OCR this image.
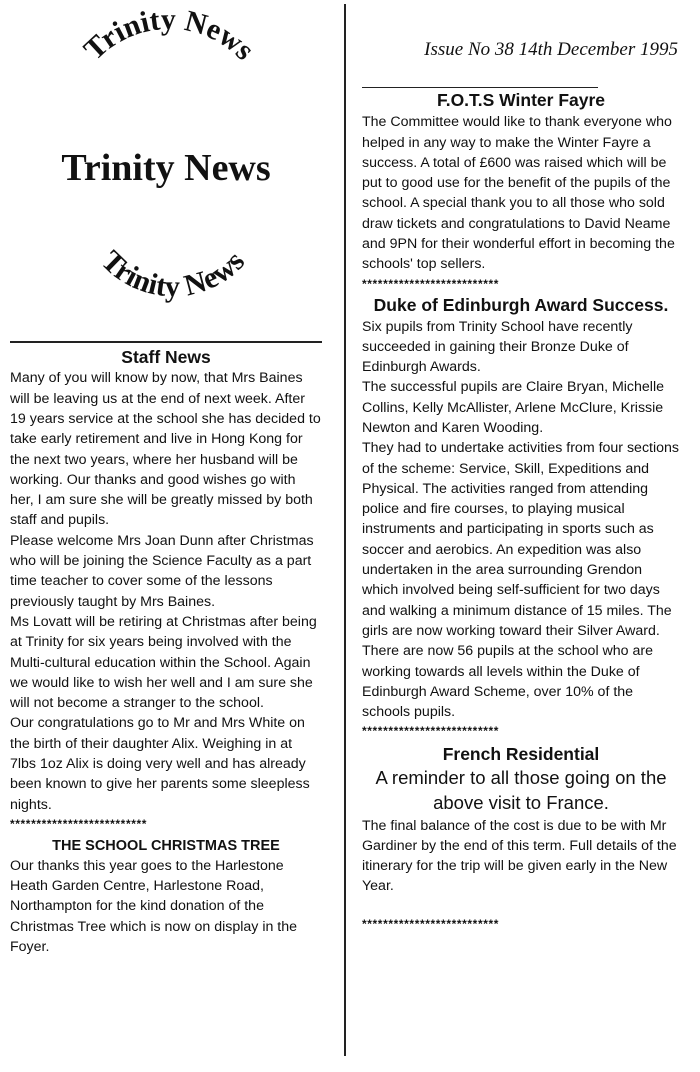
Trinity News
Trinity News
Trinity News
Staff News

Many of you will know by now, that Mrs Baines will be leaving us at the end of next week. After 19 years service at the school she has decided to take early retirement and live in Hong Kong for the next two years, where her husband will be working. Our thanks and good wishes go with her, I am sure she will be greatly missed by both staff and pupils.

Please welcome Mrs Joan Dunn after Christmas who will be joining the Science Faculty as a part time teacher to cover some of the lessons previously taught by Mrs Baines.

Ms Lovatt will be retiring at Christmas after being at Trinity for six years being involved with the Multi-cultural education within the School. Again we would like to wish her well and I am sure she will not become a stranger to the school.

Our congratulations go to Mr and Mrs White on the birth of their daughter Alix. Weighing in at 7lbs 1oz Alix is doing very well and has already been known to give her parents some sleepless nights.

**************************
THE SCHOOL CHRISTMAS TREE

Our thanks this year goes to the Harlestone Heath Garden Centre, Harlestone Road, Northampton for the kind donation of the Christmas Tree which is now on display in the Foyer.

Issue No 38 14th December 1995

F.O.T.S Winter Fayre

The Committee would like to thank everyone who helped in any way to make the Winter Fayre a success. A total of £600 was raised which will be put to good use for the benefit of the pupils of the school. A special thank you to all those who sold draw tickets and congratulations to David Neame and 9PN for their wonderful effort in becoming the schools' top sellers.

**************************
Duke of Edinburgh Award Success.

Six pupils from Trinity School have recently succeeded in gaining their Bronze Duke of Edinburgh Awards.

The successful pupils are Claire Bryan, Michelle Collins, Kelly McAllister, Arlene McClure, Krissie Newton and Karen Wooding.

They had to undertake activities from four sections of the scheme: Service, Skill, Expeditions and Physical. The activities ranged from attending police and fire courses, to playing musical instruments and participating in sports such as soccer and aerobics. An expedition was also undertaken in the area surrounding Grendon which involved being self-sufficient for two days and walking a minimum distance of 15 miles. The girls are now working toward their Silver Award. There are now 56 pupils at the school who are working towards all levels within the Duke of Edinburgh Award Scheme, over 10% of the schools pupils.

**************************
French Residential

A reminder to all those going on the above visit to France.

The final balance of the cost is due to be with Mr Gardiner by the end of this term. Full details of the itinerary for the trip will be given early in the New Year.

**************************
